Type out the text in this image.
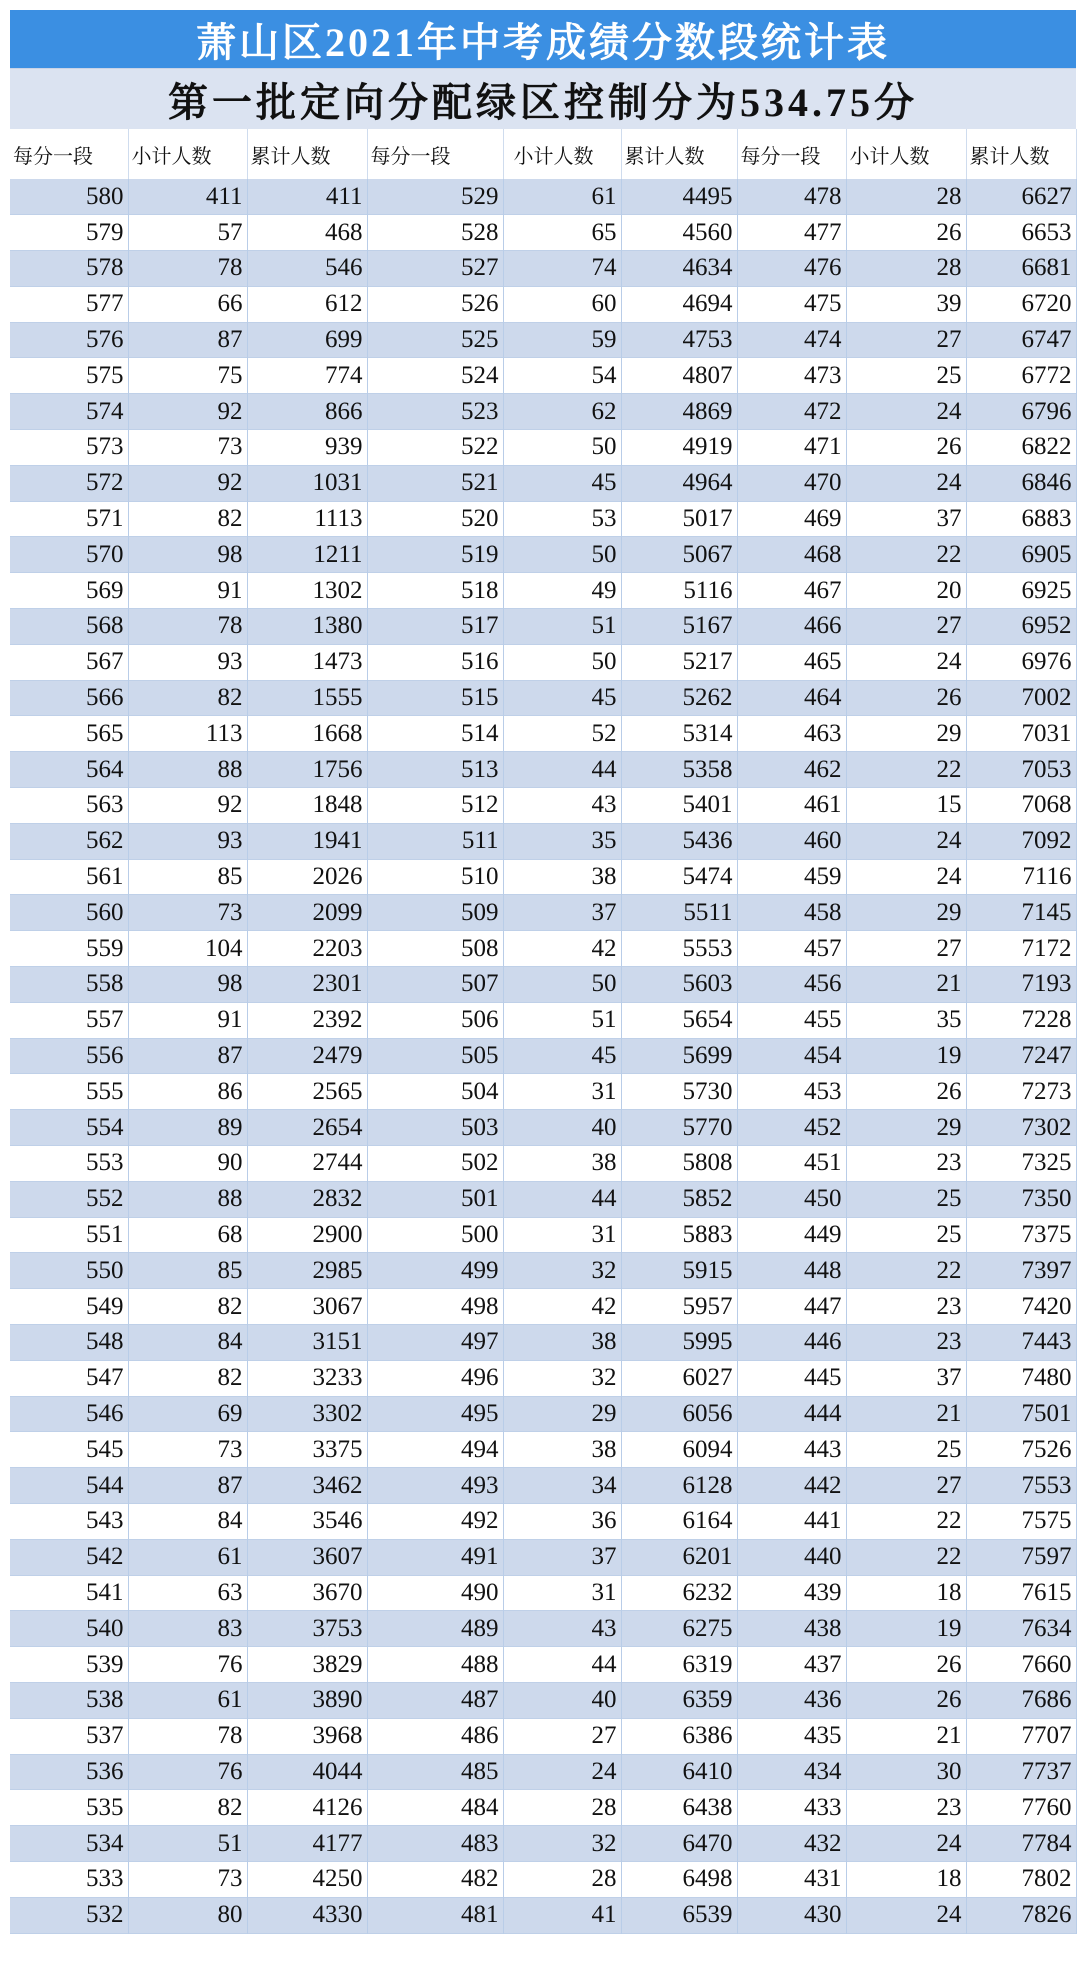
萧山区2021年中考成绩分数段统计表
第一批定向分配绿区控制分为534.75分
每分一段	小计人数	累计人数	每分一段	小计人数	累计人数	每分一段	小计人数	累计人数
580	411	411	529	61	4495	478	28	6627
579	57	468	528	65	4560	477	26	6653
578	78	546	527	74	4634	476	28	6681
577	66	612	526	60	4694	475	39	6720
576	87	699	525	59	4753	474	27	6747
575	75	774	524	54	4807	473	25	6772
574	92	866	523	62	4869	472	24	6796
573	73	939	522	50	4919	471	26	6822
572	92	1031	521	45	4964	470	24	6846
571	82	1113	520	53	5017	469	37	6883
570	98	1211	519	50	5067	468	22	6905
569	91	1302	518	49	5116	467	20	6925
568	78	1380	517	51	5167	466	27	6952
567	93	1473	516	50	5217	465	24	6976
566	82	1555	515	45	5262	464	26	7002
565	113	1668	514	52	5314	463	29	7031
564	88	1756	513	44	5358	462	22	7053
563	92	1848	512	43	5401	461	15	7068
562	93	1941	511	35	5436	460	24	7092
561	85	2026	510	38	5474	459	24	7116
560	73	2099	509	37	5511	458	29	7145
559	104	2203	508	42	5553	457	27	7172
558	98	2301	507	50	5603	456	21	7193
557	91	2392	506	51	5654	455	35	7228
556	87	2479	505	45	5699	454	19	7247
555	86	2565	504	31	5730	453	26	7273
554	89	2654	503	40	5770	452	29	7302
553	90	2744	502	38	5808	451	23	7325
552	88	2832	501	44	5852	450	25	7350
551	68	2900	500	31	5883	449	25	7375
550	85	2985	499	32	5915	448	22	7397
549	82	3067	498	42	5957	447	23	7420
548	84	3151	497	38	5995	446	23	7443
547	82	3233	496	32	6027	445	37	7480
546	69	3302	495	29	6056	444	21	7501
545	73	3375	494	38	6094	443	25	7526
544	87	3462	493	34	6128	442	27	7553
543	84	3546	492	36	6164	441	22	7575
542	61	3607	491	37	6201	440	22	7597
541	63	3670	490	31	6232	439	18	7615
540	83	3753	489	43	6275	438	19	7634
539	76	3829	488	44	6319	437	26	7660
538	61	3890	487	40	6359	436	26	7686
537	78	3968	486	27	6386	435	21	7707
536	76	4044	485	24	6410	434	30	7737
535	82	4126	484	28	6438	433	23	7760
534	51	4177	483	32	6470	432	24	7784
533	73	4250	482	28	6498	431	18	7802
532	80	4330	481	41	6539	430	24	7826
